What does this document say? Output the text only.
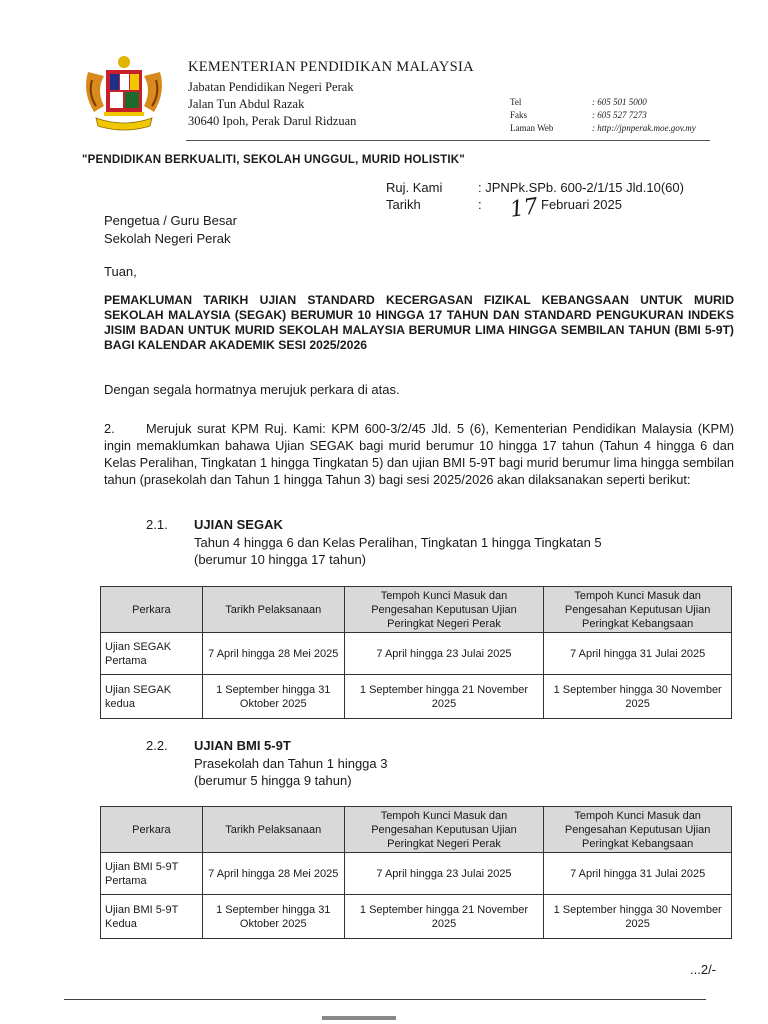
KEMENTERIAN PENDIDIKAN MALAYSIA
Jabatan Pendidikan Negeri Perak
Jalan Tun Abdul Razak
30640 Ipoh, Perak Darul Ridzuan
Tel	: 605 501 5000
Faks	: 605 527 7273
Laman Web	: http://jpnperak.moe.gov.my
"PENDIDIKAN BERKUALITI, SEKOLAH UNGGUL, MURID HOLISTIK"
Ruj. Kami	: JPNPk.SPb. 600-2/1/15 Jld.10(60)
Tarikh	: 17 Februari 2025
Pengetua / Guru Besar
Sekolah Negeri Perak
Tuan,
PEMAKLUMAN TARIKH UJIAN STANDARD KECERGASAN FIZIKAL KEBANGSAAN UNTUK MURID SEKOLAH MALAYSIA (SEGAK) BERUMUR 10 HINGGA 17 TAHUN DAN STANDARD PENGUKURAN INDEKS JISIM BADAN UNTUK MURID SEKOLAH MALAYSIA BERUMUR LIMA HINGGA SEMBILAN TAHUN (BMI 5-9T) BAGI KALENDAR AKADEMIK SESI 2025/2026
Dengan segala hormatnya merujuk perkara di atas.
2. Merujuk surat KPM Ruj. Kami: KPM 600-3/2/45 Jld. 5 (6), Kementerian Pendidikan Malaysia (KPM) ingin memaklumkan bahawa Ujian SEGAK bagi murid berumur 10 hingga 17 tahun (Tahun 4 hingga 6 dan Kelas Peralihan, Tingkatan 1 hingga Tingkatan 5) dan ujian BMI 5-9T bagi murid berumur lima hingga sembilan tahun (prasekolah dan Tahun 1 hingga Tahun 3) bagi sesi 2025/2026 akan dilaksanakan seperti berikut:
2.1. UJIAN SEGAK
Tahun 4 hingga 6 dan Kelas Peralihan, Tingkatan 1 hingga Tingkatan 5
(berumur 10 hingga 17 tahun)
Perkara	Tarikh Pelaksanaan	Tempoh Kunci Masuk dan Pengesahan Keputusan Ujian Peringkat Negeri Perak	Tempoh Kunci Masuk dan Pengesahan Keputusan Ujian Peringkat Kebangsaan
Ujian SEGAK Pertama	7 April hingga 28 Mei 2025	7 April hingga 23 Julai 2025	7 April hingga 31 Julai 2025
Ujian SEGAK kedua	1 September hingga 31 Oktober 2025	1 September hingga 21 November 2025	1 September hingga 30 November 2025
2.2. UJIAN BMI 5-9T
Prasekolah dan Tahun 1 hingga 3
(berumur 5 hingga 9 tahun)
Perkara	Tarikh Pelaksanaan	Tempoh Kunci Masuk dan Pengesahan Keputusan Ujian Peringkat Negeri Perak	Tempoh Kunci Masuk dan Pengesahan Keputusan Ujian Peringkat Kebangsaan
Ujian BMI 5-9T Pertama	7 April hingga 28 Mei 2025	7 April hingga 23 Julai 2025	7 April hingga 31 Julai 2025
Ujian BMI 5-9T Kedua	1 September hingga 31 Oktober 2025	1 September hingga 21 November 2025	1 September hingga 30 November 2025
...2/-
